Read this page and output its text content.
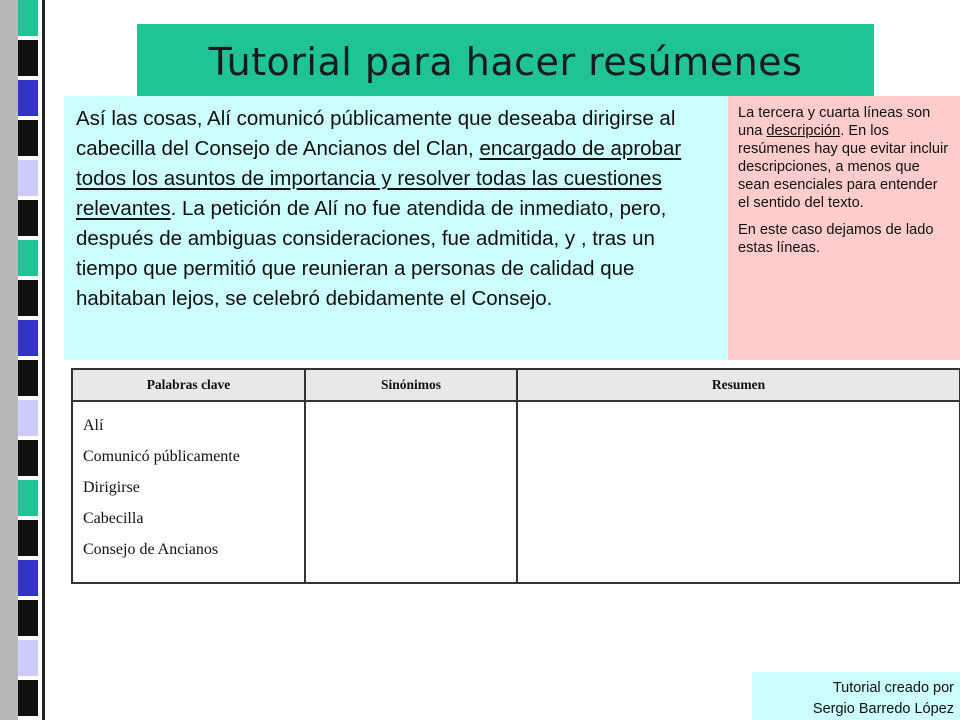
Tutorial para hacer resúmenes
Así las cosas, Alí comunicó públicamente que deseaba dirigirse al cabecilla del Consejo de Ancianos del Clan, encargado de aprobar todos los asuntos de importancia y resolver todas las cuestiones relevantes. La petición de Alí no fue atendida de inmediato, pero, después de ambiguas consideraciones, fue admitida, y , tras un tiempo que permitió que reunieran a personas de calidad que habitaban lejos, se celebró debidamente el Consejo.

La tercera y cuarta líneas son una descripción. En los resúmenes hay que evitar incluir descripciones, a menos que sean esenciales para entender el sentido del texto.

En este caso dejamos de lado estas líneas.

Palabras clave	Sinónimos	Resumen

Alí
Comunicó públicamente
Dirigirse
Cabecilla
Consejo de Ancianos		

Tutorial creado por
Sergio Barredo López
